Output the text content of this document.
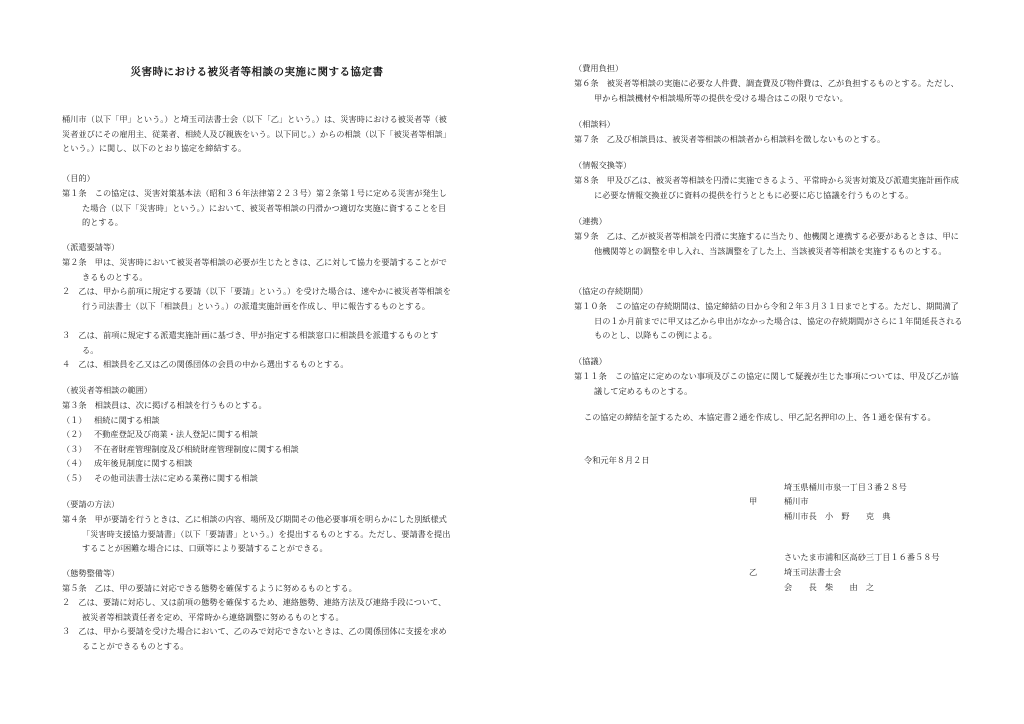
災害時における被災者等相談の実施に関する協定書
桶川市（以下「甲」という。）と埼玉司法書士会（以下「乙」という。）は、災害時における被災者等（被災者並びにその雇用主、従業者、相続人及び親族をいう。以下同じ。）からの相談（以下「被災者等相談」という。）に関し、以下のとおり協定を締結する。
（目的）
第１条　この協定は、災害対策基本法（昭和３６年法律第２２３号）第２条第１号に定める災害が発生した場合（以下「災害時」という。）において、被災者等相談の円滑かつ適切な実施に資することを目的とする。
（派遣要請等）
第２条　甲は、災害時において被災者等相談の必要が生じたときは、乙に対して協力を要請することができるものとする。
２　乙は、甲から前項に規定する要請（以下「要請」という。）を受けた場合は、速やかに被災者等相談を行う司法書士（以下「相談員」という。）の派遣実施計画を作成し、甲に報告するものとする。
３　乙は、前項に規定する派遣実施計画に基づき、甲が指定する相談窓口に相談員を派遣するものとする。
４　乙は、相談員を乙又は乙の関係団体の会員の中から選出するものとする。
（被災者等相談の範囲）
第３条　相談員は、次に掲げる相談を行うものとする。
（１） 相続に関する相談
（２） 不動産登記及び商業・法人登記に関する相談
（３） 不在者財産管理制度及び相続財産管理制度に関する相談
（４） 成年後見制度に関する相談
（５） その他司法書士法に定める業務に関する相談
（要請の方法）
第４条　甲が要請を行うときは、乙に相談の内容、場所及び期間その他必要事項を明らかにした別紙様式「災害時支援協力要請書」（以下「要請書」という。）を提出するものとする。ただし、要請書を提出することが困難な場合には、口頭等により要請することができる。
（態勢整備等）
第５条　乙は、甲の要請に対応できる態勢を確保するように努めるものとする。
２　乙は、要請に対応し、又は前項の態勢を確保するため、連絡態勢、連絡方法及び連絡手段について、被災者等相談責任者を定め、平常時から連絡調整に努めるものとする。
３　乙は、甲から要請を受けた場合において、乙のみで対応できないときは、乙の関係団体に支援を求めることができるものとする。
（費用負担）
第６条　被災者等相談の実施に必要な人件費、調査費及び物件費は、乙が負担するものとする。ただし、甲から相談機材や相談場所等の提供を受ける場合はこの限りでない。
（相談料）
第７条　乙及び相談員は、被災者等相談の相談者から相談料を徴しないものとする。
（情報交換等）
第８条　甲及び乙は、被災者等相談を円滑に実施できるよう、平常時から災害対策及び派遣実施計画作成に必要な情報交換並びに資料の提供を行うとともに必要に応じ協議を行うものとする。
（連携）
第９条　乙は、乙が被災者等相談を円滑に実施するに当たり、他機関と連携する必要があるときは、甲に他機関等との調整を申し入れ、当該調整を了した上、当該被災者等相談を実施するものとする。
（協定の存続期間）
第１０条　この協定の存続期間は、協定締結の日から令和２年３月３１日までとする。ただし、期間満了日の１か月前までに甲又は乙から申出がなかった場合は、協定の存続期間がさらに１年間延長されるものとし、以降もこの例による。
（協議）
第１１条　この協定に定めのない事項及びこの協定に関して疑義が生じた事項については、甲及び乙が協議して定めるものとする。
この協定の締結を証するため、本協定書２通を作成し、甲乙記名押印の上、各１通を保有する。
令和元年８月２日
埼玉県桶川市泉一丁目３番２８号
甲	桶川市
桶川市長　小　野　　克　典
さいたま市浦和区高砂三丁目１６番５８号
乙	埼玉司法書士会
会　　長　柴　　由　之
